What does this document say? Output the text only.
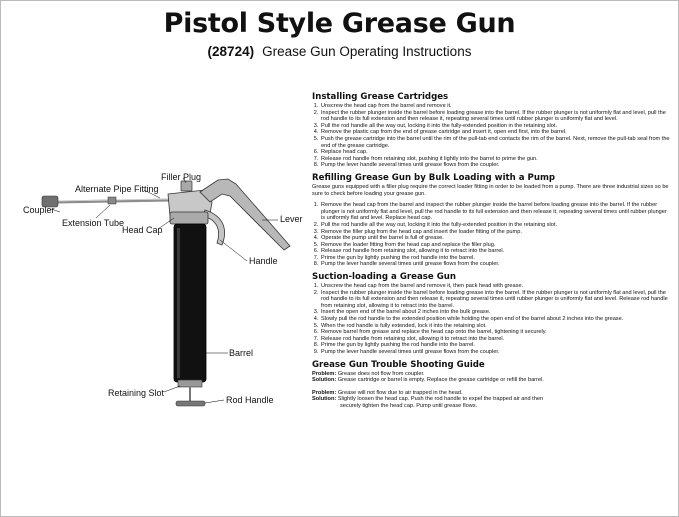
Pistol Style Grease Gun
(28724) Grease Gun Operating Instructions
Filler Plug
Alternate Pipe Fitting
Coupler
Extension Tube
Head Cap
Lever
Handle
Barrel
Retaining Slot
Rod Handle
Installing Grease Cartridges
1. Unscrew the head cap from the barrel and remove it.
2. Inspect the rubber plunger inside the barrel before loading grease into the barrel. If the rubber plunger is not uniformly flat and level, pull the rod handle to its full extension and then release it, repeating several times until rubber plunger is uniformly flat and level.
3. Pull the rod handle all the way out, locking it into the fully-extended position in the retaining slot.
4. Remove the plastic cap from the end of grease cartridge and insert it, open end first, into the barrel.
5. Push the grease cartridge into the barrel until the rim of the pull-tab end contacts the rim of the barrel. Next, remove the pull-tab seal from the end of the grease cartridge.
6. Replace head cap.
7. Release rod handle from retaining slot, pushing it lightly into the barrel to prime the gun.
8. Pump the lever handle several times until grease flows from the coupler.
Refilling Grease Gun by Bulk Loading with a Pump

Grease guns equipped with a filler plug require the correct loader fitting in order to be loaded from a pump. There are three industrial sizes so be sure to check before loading your grease gun.

1. Remove the head cap from the barrel and inspect the rubber plunger inside the barrel before loading grease into the barrel. If the rubber plunger is not uniformly flat and level, pull the rod handle to its full extension and then release it, repeating several times until rubber plunger is uniformly flat and level. Replace head cap.
2. Pull the rod handle all the way out, locking it into the fully-extended position in the retaining slot.
3. Remove the filler plug from the head cap and insert the loader fitting of the pump.
4. Operate the pump until the barrel is full of grease.
5. Remove the loader fitting from the head cap and replace the filler plug.
6. Release rod handle from retaining slot, allowing it to retract into the barrel.
7. Prime the gun by lightly pushing the rod handle into the barrel.
8. Pump the lever handle several times until grease flows from the coupler.
Suction-loading a Grease Gun
1. Unscrew the head cap from the barrel and remove it, then pack head with grease.
2. Inspect the rubber plunger inside the barrel before loading grease into the barrel. If the rubber plunger is not uniformly flat and level, pull the rod handle to its full extension and then release it, repeating several times until rubber plunger is uniformly flat and level. Release rod handle from retaining slot, allowing it to retract into the barrel.
3. Insert the open end of the barrel about 2 inches into the bulk grease.
4. Slowly pull the rod handle to the extended position while holding the open end of the barrel about 2 inches into the grease.
5. When the rod handle is fully extended, lock it into the retaining slot.
6. Remove barrel from grease and replace the head cap onto the barrel, tightening it securely.
7. Release rod handle from retaining slot, allowing it to retract into the barrel.
8. Prime the gun by lightly pushing the rod handle into the barrel.
9. Pump the lever handle several times until grease flows from the coupler.
Grease Gun Trouble Shooting Guide

Problem: Grease does not flow from coupler.

Solution: Grease cartridge or barrel is empty. Replace the grease cartridge or refill the barrel.

Problem: Grease will not flow due to air trapped in the head.

Solution: Slightly loosen the head cap. Push the rod handle to expel the trapped air and then

securely tighten the head cap. Pump until grease flows.
